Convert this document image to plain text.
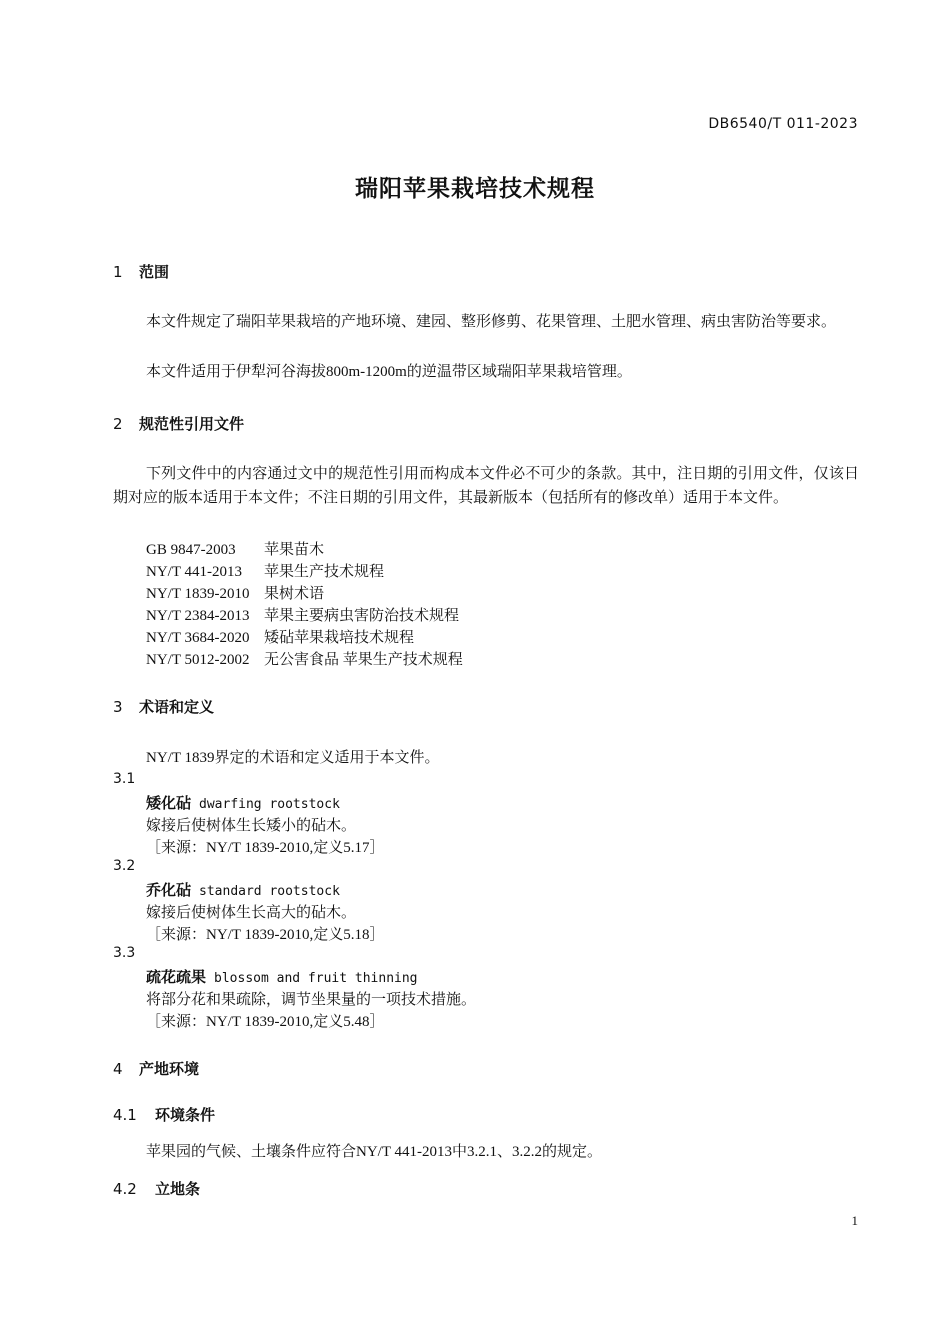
DB6540/T 011-2023
瑞阳苹果栽培技术规程
1 范围
本文件规定了瑞阳苹果栽培的产地环境、建园、整形修剪、花果管理、土肥水管理、病虫害防治等要求。
本文件适用于伊犁河谷海拔800m-1200m的逆温带区域瑞阳苹果栽培管理。
2 规范性引用文件
下列文件中的内容通过文中的规范性引用而构成本文件必不可少的条款。其中，注日期的引用文件，仅该日期对应的版本适用于本文件；不注日期的引用文件，其最新版本（包括所有的修改单）适用于本文件。
GB 9847-2003 苹果苗木
NY/T 441-2013 苹果生产技术规程
NY/T 1839-2010 果树术语
NY/T 2384-2013 苹果主要病虫害防治技术规程
NY/T 3684-2020 矮砧苹果栽培技术规程
NY/T 5012-2002 无公害食品 苹果生产技术规程
3 术语和定义
NY/T 1839界定的术语和定义适用于本文件。
3.1
矮化砧 dwarfing rootstock
嫁接后使树体生长矮小的砧木。
［来源：NY/T 1839-2010,定义5.17］
3.2
乔化砧 standard rootstock
嫁接后使树体生长高大的砧木。
［来源：NY/T 1839-2010,定义5.18］
3.3
疏花疏果 blossom and fruit thinning
将部分花和果疏除，调节坐果量的一项技术措施。
［来源：NY/T 1839-2010,定义5.48］
4 产地环境
4.1 环境条件
苹果园的气候、土壤条件应符合NY/T 441-2013中3.2.1、3.2.2的规定。
4.2 立地条
1
